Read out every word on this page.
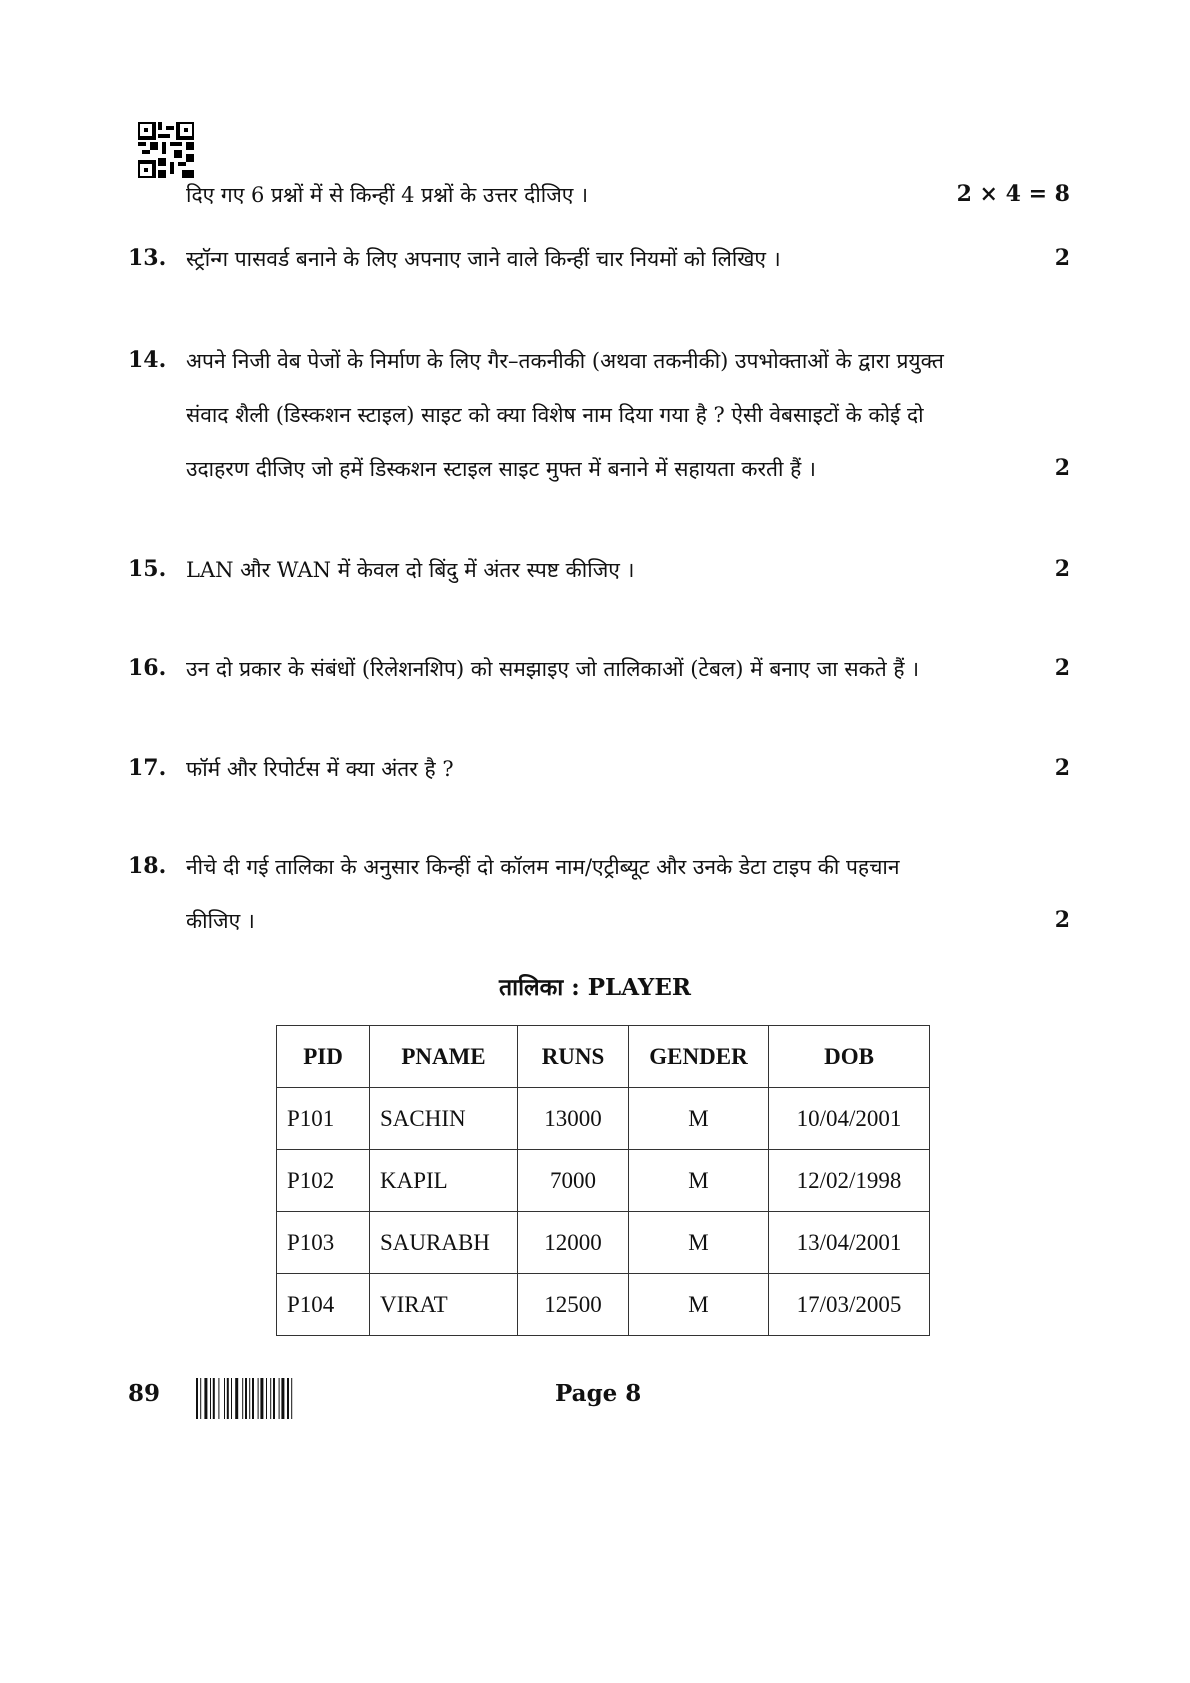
दिए गए 6 प्रश्नों में से किन्हीं 4 प्रश्नों के उत्तर दीजिए ।	2 × 4 = 8
13. स्ट्रॉन्ग पासवर्ड बनाने के लिए अपनाए जाने वाले किन्हीं चार नियमों को लिखिए ।	2
14. अपने निजी वेब पेजों के निर्माण के लिए गैर–तकनीकी (अथवा तकनीकी) उपभोक्ताओं के द्वारा प्रयुक्त
संवाद शैली (डिस्कशन स्टाइल) साइट को क्या विशेष नाम दिया गया है ? ऐसी वेबसाइटों के कोई दो
उदाहरण दीजिए जो हमें डिस्कशन स्टाइल साइट मुफ्त में बनाने में सहायता करती हैं ।	2
15. LAN और WAN में केवल दो बिंदु में अंतर स्पष्ट कीजिए ।	2
16. उन दो प्रकार के संबंधों (रिलेशनशिप) को समझाइए जो तालिकाओं (टेबल) में बनाए जा सकते हैं ।	2
17. फॉर्म और रिपोर्टस में क्या अंतर है ?	2
18. नीचे दी गई तालिका के अनुसार किन्हीं दो कॉलम नाम/एट्रीब्यूट और उनके डेटा टाइप की पहचान
कीजिए ।	2
तालिका : PLAYER
PID	PNAME	RUNS	GENDER	DOB
P101	SACHIN	13000	M	10/04/2001
P102	KAPIL	7000	M	12/02/1998
P103	SAURABH	12000	M	13/04/2001
P104	VIRAT	12500	M	17/03/2005
89	Page 8
